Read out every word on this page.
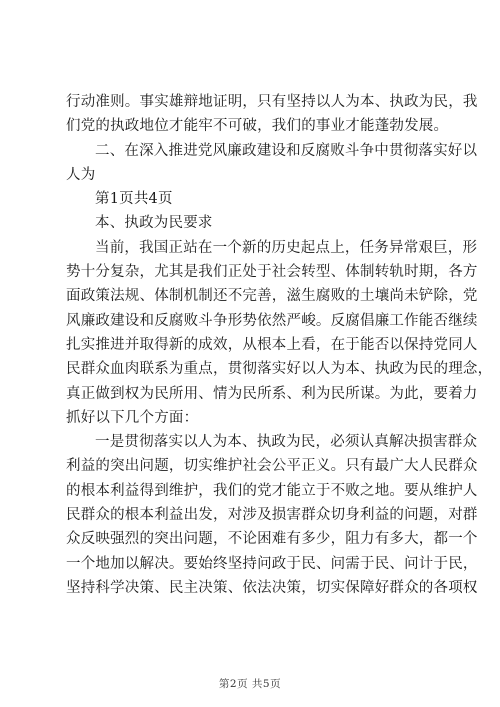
行动准则。事实雄辩地证明，只有坚持以人为本、执政为民，我
们党的执政地位才能牢不可破，我们的事业才能蓬勃发展。
二、在深入推进党风廉政建设和反腐败斗争中贯彻落实好以
人为
第1页共4页
本、执政为民要求
当前，我国正站在一个新的历史起点上，任务异常艰巨，形
势十分复杂，尤其是我们正处于社会转型、体制转轨时期，各方
面政策法规、体制机制还不完善，滋生腐败的土壤尚未铲除，党
风廉政建设和反腐败斗争形势依然严峻。反腐倡廉工作能否继续
扎实推进并取得新的成效，从根本上看，在于能否以保持党同人
民群众血肉联系为重点，贯彻落实好以人为本、执政为民的理念，
真正做到权为民所用、情为民所系、利为民所谋。为此，要着力
抓好以下几个方面：
一是贯彻落实以人为本、执政为民，必须认真解决损害群众
利益的突出问题，切实维护社会公平正义。只有最广大人民群众
的根本利益得到维护，我们的党才能立于不败之地。要从维护人
民群众的根本利益出发，对涉及损害群众切身利益的问题，对群
众反映强烈的突出问题，不论困难有多少，阻力有多大，都一个
一个地加以解决。要始终坚持问政于民、问需于民、问计于民，
坚持科学决策、民主决策、依法决策，切实保障好群众的各项权
第2页 共5页
